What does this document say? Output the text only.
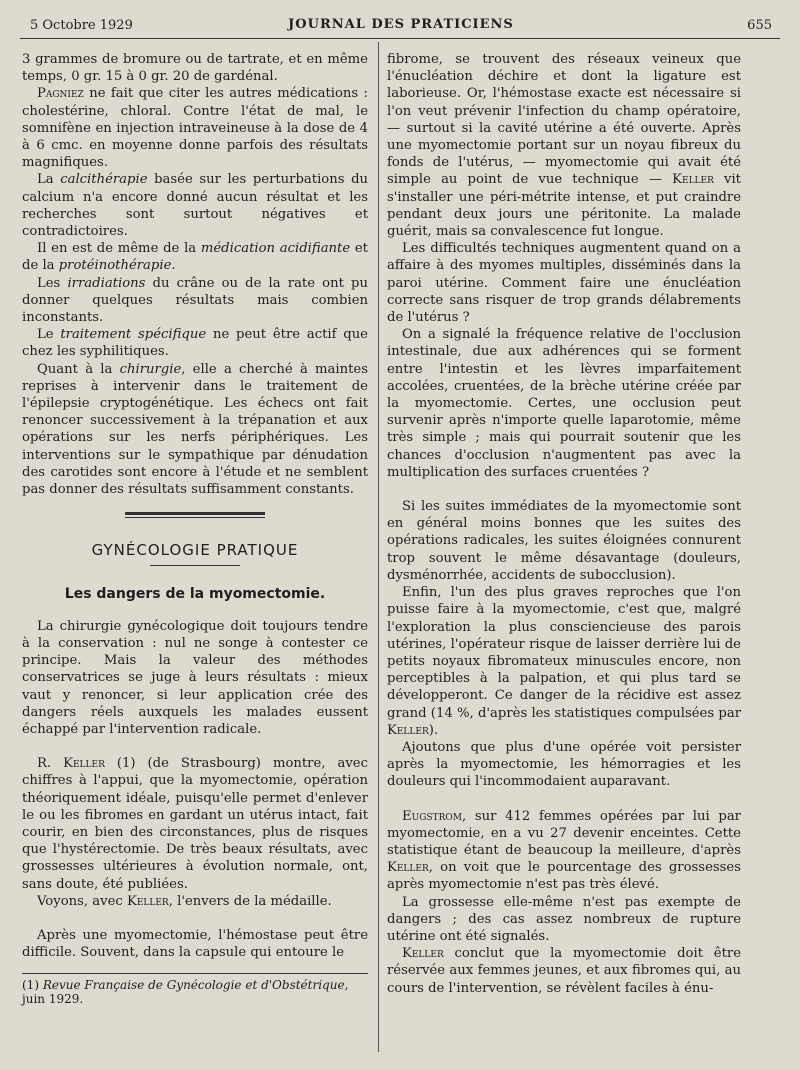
5 Octobre 1929	JOURNAL DES PRATICIENS	655

3 grammes de bromure ou de tartrate, et en même temps, 0 gr. 15 à 0 gr. 20 de gardénal.

Pagniez ne fait que citer les autres médications : cholestérine, chloral. Contre l'état de mal, le somnifène en injection intraveineuse à la dose de 4 à 6 cmc. en moyenne donne parfois des résultats magnifiques.

La calcithérapie basée sur les perturbations du calcium n'a encore donné aucun résultat et les recherches sont surtout négatives et contradictoires.

Il en est de même de la médication acidifiante et de la protéinothérapie.

Les irradiations du crâne ou de la rate ont pu donner quelques résultats mais combien inconstants.

Le traitement spécifique ne peut être actif que chez les syphilitiques.

Quant à la chirurgie, elle a cherché à maintes reprises à intervenir dans le traitement de l'épilepsie cryptogénétique. Les échecs ont fait renoncer successivement à la trépanation et aux opérations sur les nerfs périphériques. Les interventions sur le sympathique par dénudation des carotides sont encore à l'étude et ne semblent pas donner des résultats suffisamment constants.

GYNÉCOLOGIE PRATIQUE
Les dangers de la myomectomie.

La chirurgie gynécologique doit toujours tendre à la conservation : nul ne songe à contester ce principe. Mais la valeur des méthodes conservatrices se juge à leurs résultats : mieux vaut y renoncer, si leur application crée des dangers réels auxquels les malades eussent échappé par l'intervention radicale.

R. Keller (1) (de Strasbourg) montre, avec chiffres à l'appui, que la myomectomie, opération théoriquement idéale, puisqu'elle permet d'enlever le ou les fibromes en gardant un utérus intact, fait courir, en bien des circonstances, plus de risques que l'hystérectomie. De très beaux résultats, avec grossesses ultérieures à évolution normale, ont, sans doute, été publiées.

Voyons, avec Keller, l'envers de la médaille.

Après une myomectomie, l'hémostase peut être difficile. Souvent, dans la capsule qui entoure le

(1) Revue Française de Gynécologie et d'Obstétrique, juin 1929.

fibrome, se trouvent des réseaux veineux que l'énucléation déchire et dont la ligature est laborieuse. Or, l'hémostase exacte est nécessaire si l'on veut prévenir l'infection du champ opératoire, — surtout si la cavité utérine a été ouverte. Après une myomectomie portant sur un noyau fibreux du fonds de l'utérus, — myomectomie qui avait été simple au point de vue technique — Keller vit s'installer une péri-métrite intense, et put craindre pendant deux jours une péritonite. La malade guérit, mais sa convalescence fut longue.

Les difficultés techniques augmentent quand on a affaire à des myomes multiples, disséminés dans la paroi utérine. Comment faire une énucléation correcte sans risquer de trop grands délabrements de l'utérus ?

On a signalé la fréquence relative de l'occlusion intestinale, due aux adhérences qui se forment entre l'intestin et les lèvres imparfaitement accolées, cruentées, de la brèche utérine créée par la myomectomie. Certes, une occlusion peut survenir après n'importe quelle laparotomie, même très simple ; mais qui pourrait soutenir que les chances d'occlusion n'augmentent pas avec la multiplication des surfaces cruentées ?

Si les suites immédiates de la myomectomie sont en général moins bonnes que les suites des opérations radicales, les suites éloignées connurent trop souvent le même désavantage (douleurs, dysménorrhée, accidents de subocclusion).

Enfin, l'un des plus graves reproches que l'on puisse faire à la myomectomie, c'est que, malgré l'exploration la plus consciencieuse des parois utérines, l'opérateur risque de laisser derrière lui de petits noyaux fibromateux minuscules encore, non perceptibles à la palpation, et qui plus tard se développeront. Ce danger de la récidive est assez grand (14 %, d'après les statistiques compulsées par Keller).

Ajoutons que plus d'une opérée voit persister après la myomectomie, les hémorragies et les douleurs qui l'incommodaient auparavant.

Eugstrom, sur 412 femmes opérées par lui par myomectomie, en a vu 27 devenir enceintes. Cette statistique étant de beaucoup la meilleure, d'après Keller, on voit que le pourcentage des grossesses après myomectomie n'est pas très élevé.

La grossesse elle-même n'est pas exempte de dangers ; des cas assez nombreux de rupture utérine ont été signalés.

Keller conclut que la myomectomie doit être réservée aux femmes jeunes, et aux fibromes qui, au cours de l'intervention, se révèlent faciles à énu-
